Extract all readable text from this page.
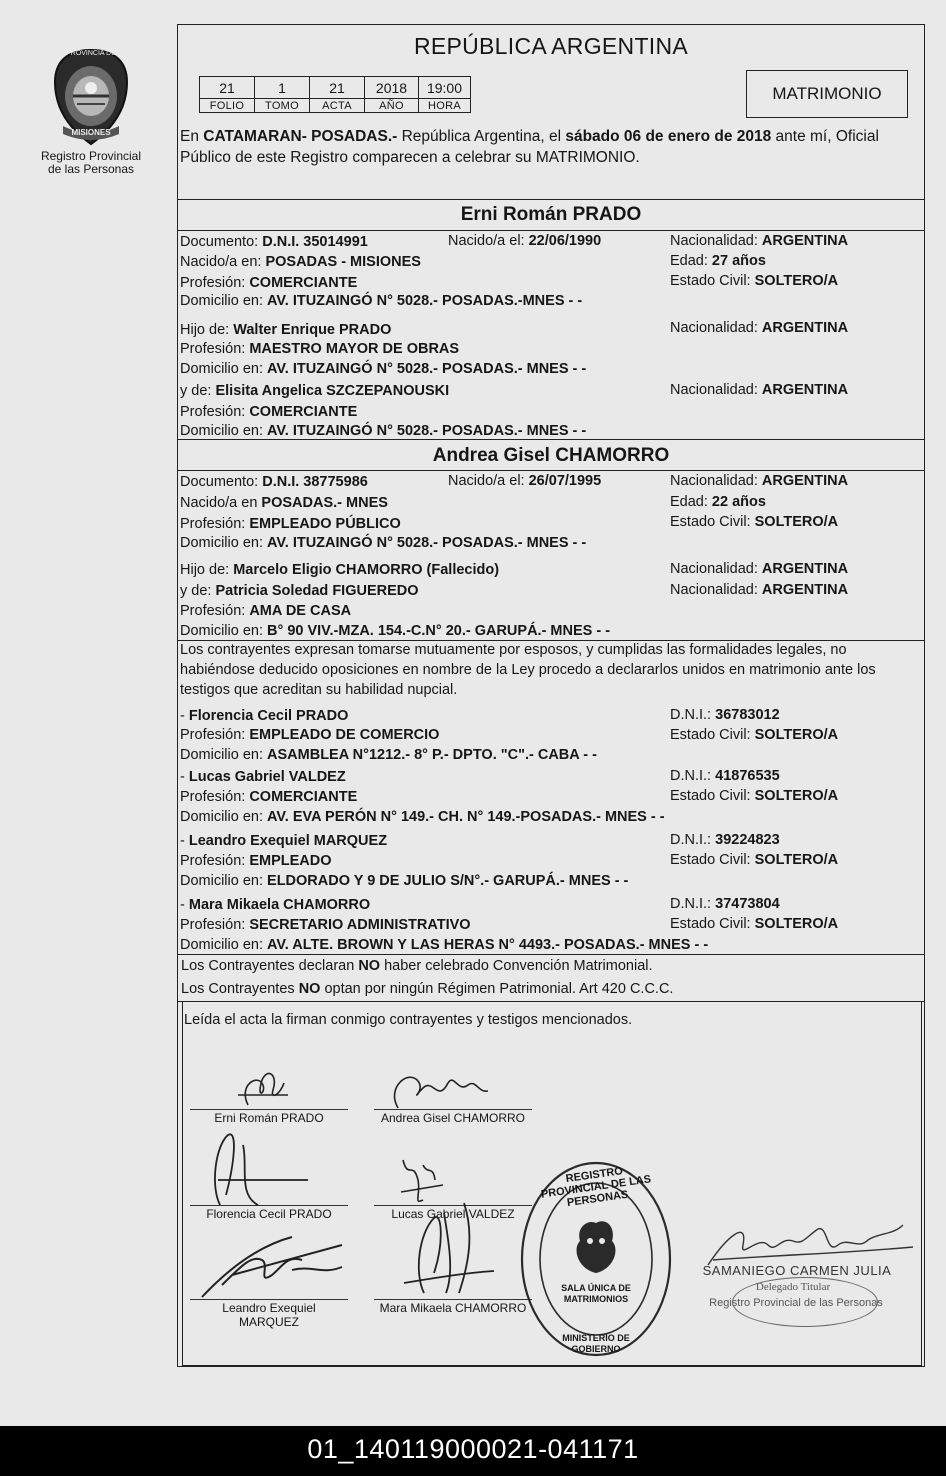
PROVINCIA DE
MISIONES
Registro Provincial de las Personas
REPÚBLICA ARGENTINA
21	1	21	2018	19:00
FOLIO	TOMO	ACTA	AÑO	HORA
MATRIMONIO
En CATAMARAN- POSADAS.- República Argentina, el sábado 06 de enero de 2018 ante mí, Oficial Público de este Registro comparecen a celebrar su MATRIMONIO.
Erni Román PRADO
Documento: D.N.I. 35014991	Nacido/a el: 22/06/1990	Nacionalidad: ARGENTINA
Nacido/a en: POSADAS - MISIONES	Edad: 27 años
Profesión: COMERCIANTE	Estado Civil: SOLTERO/A
Domicilio en: AV. ITUZAINGÓ N° 5028.- POSADAS.-MNES - -
Hijo de: Walter Enrique PRADO	Nacionalidad: ARGENTINA
Profesión: MAESTRO MAYOR DE OBRAS
Domicilio en: AV. ITUZAINGÓ N° 5028.- POSADAS.- MNES - -
y de: Elisita Angelica SZCZEPANOUSKI	Nacionalidad: ARGENTINA
Profesión: COMERCIANTE
Domicilio en: AV. ITUZAINGÓ N° 5028.- POSADAS.- MNES - -
Andrea Gisel CHAMORRO
Documento: D.N.I. 38775986	Nacido/a el: 26/07/1995	Nacionalidad: ARGENTINA
Nacido/a en POSADAS.- MNES	Edad: 22 años
Profesión: EMPLEADO PÚBLICO	Estado Civil: SOLTERO/A
Domicilio en: AV. ITUZAINGÓ N° 5028.- POSADAS.- MNES - -
Hijo de: Marcelo Eligio CHAMORRO (Fallecido)	Nacionalidad: ARGENTINA
y de: Patricia Soledad FIGUEREDO	Nacionalidad: ARGENTINA
Profesión: AMA DE CASA
Domicilio en: B° 90 VIV.-MZA. 154.-C.N° 20.- GARUPÁ.- MNES - -
Los contrayentes expresan tomarse mutuamente por esposos, y cumplidas las formalidades legales, no habiéndose deducido oposiciones en nombre de la Ley procedo a declararlos unidos en matrimonio ante los testigos que acreditan su habilidad nupcial.
- Florencia Cecil PRADO	D.N.I.: 36783012
Profesión: EMPLEADO DE COMERCIO	Estado Civil: SOLTERO/A
Domicilio en: ASAMBLEA N°1212.- 8° P.- DPTO. "C".- CABA - -
- Lucas Gabriel VALDEZ	D.N.I.: 41876535
Profesión: COMERCIANTE	Estado Civil: SOLTERO/A
Domicilio en: AV. EVA PERÓN N° 149.- CH. N° 149.-POSADAS.- MNES - -
- Leandro Exequiel MARQUEZ	D.N.I.: 39224823
Profesión: EMPLEADO	Estado Civil: SOLTERO/A
Domicilio en: ELDORADO Y 9 DE JULIO S/N°.- GARUPÁ.- MNES - -
- Mara Mikaela CHAMORRO	D.N.I.: 37473804
Profesión: SECRETARIO ADMINISTRATIVO	Estado Civil: SOLTERO/A
Domicilio en: AV. ALTE. BROWN Y LAS HERAS N° 4493.- POSADAS.- MNES - -
Los Contrayentes declaran NO haber celebrado Convención Matrimonial.
Los Contrayentes NO optan por ningún Régimen Patrimonial. Art 420 C.C.C.
Leída el acta la firman conmigo contrayentes y testigos mencionados.
Erni Román PRADO	Andrea Gisel CHAMORRO
Florencia Cecil PRADO	Lucas Gabriel VALDEZ
Leandro Exequiel
MARQUEZ
Mara Mikaela CHAMORRO
REGISTRO PROVINCIAL DE LAS PERSONAS
SALA ÚNICA DE MATRIMONIOS
MINISTERIO DE GOBIERNO
SAMANIEGO CARMEN JULIA
Delegado Titular
Registro Provincial de las Personas
01_140119000021-041171
